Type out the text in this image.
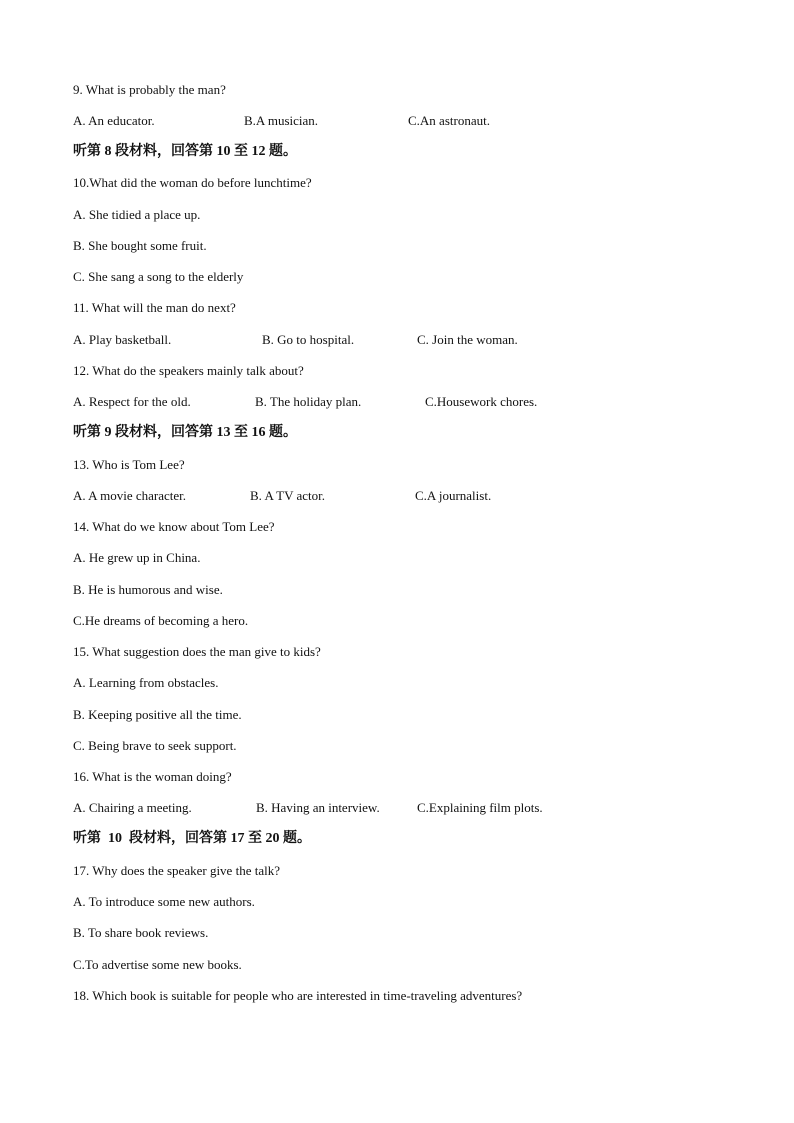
9. What is probably the man?

A. An educator.

	B.A musician.

	C.An astronaut.

听第 8 段材料，回答第 10 至 12 题。
10.What did the woman do before lunchtime?
A. She tidied a place up.
B. She bought some fruit.
C. She sang a song to the elderly
11. What will the man do next?

A. Play basketball.

	B. Go to hospital.

	C. Join the woman.

12. What do the speakers mainly talk about?

A. Respect for the old.

	B. The holiday plan.

	C.Housework chores.

听第 9 段材料，回答第 13 至 16 题。
13. Who is Tom Lee?

A. A movie character.

	B. A TV actor.

	C.A journalist.

14. What do we know about Tom Lee?
A. He grew up in China.
B. He is humorous and wise.
C.He dreams of becoming a hero.
15. What suggestion does the man give to kids?
A. Learning from obstacles.
B. Keeping positive all the time.
C. Being brave to seek support.
16. What is the woman doing?

A. Chairing a meeting.

	B. Having an interview.

	C.Explaining film plots.

听第  10  段材料，回答第 17 至 20 题。
17. Why does the speaker give the talk?
A. To introduce some new authors.
B. To share book reviews.
C.To advertise some new books.
18. Which book is suitable for people who are interested in time-traveling adventures?
